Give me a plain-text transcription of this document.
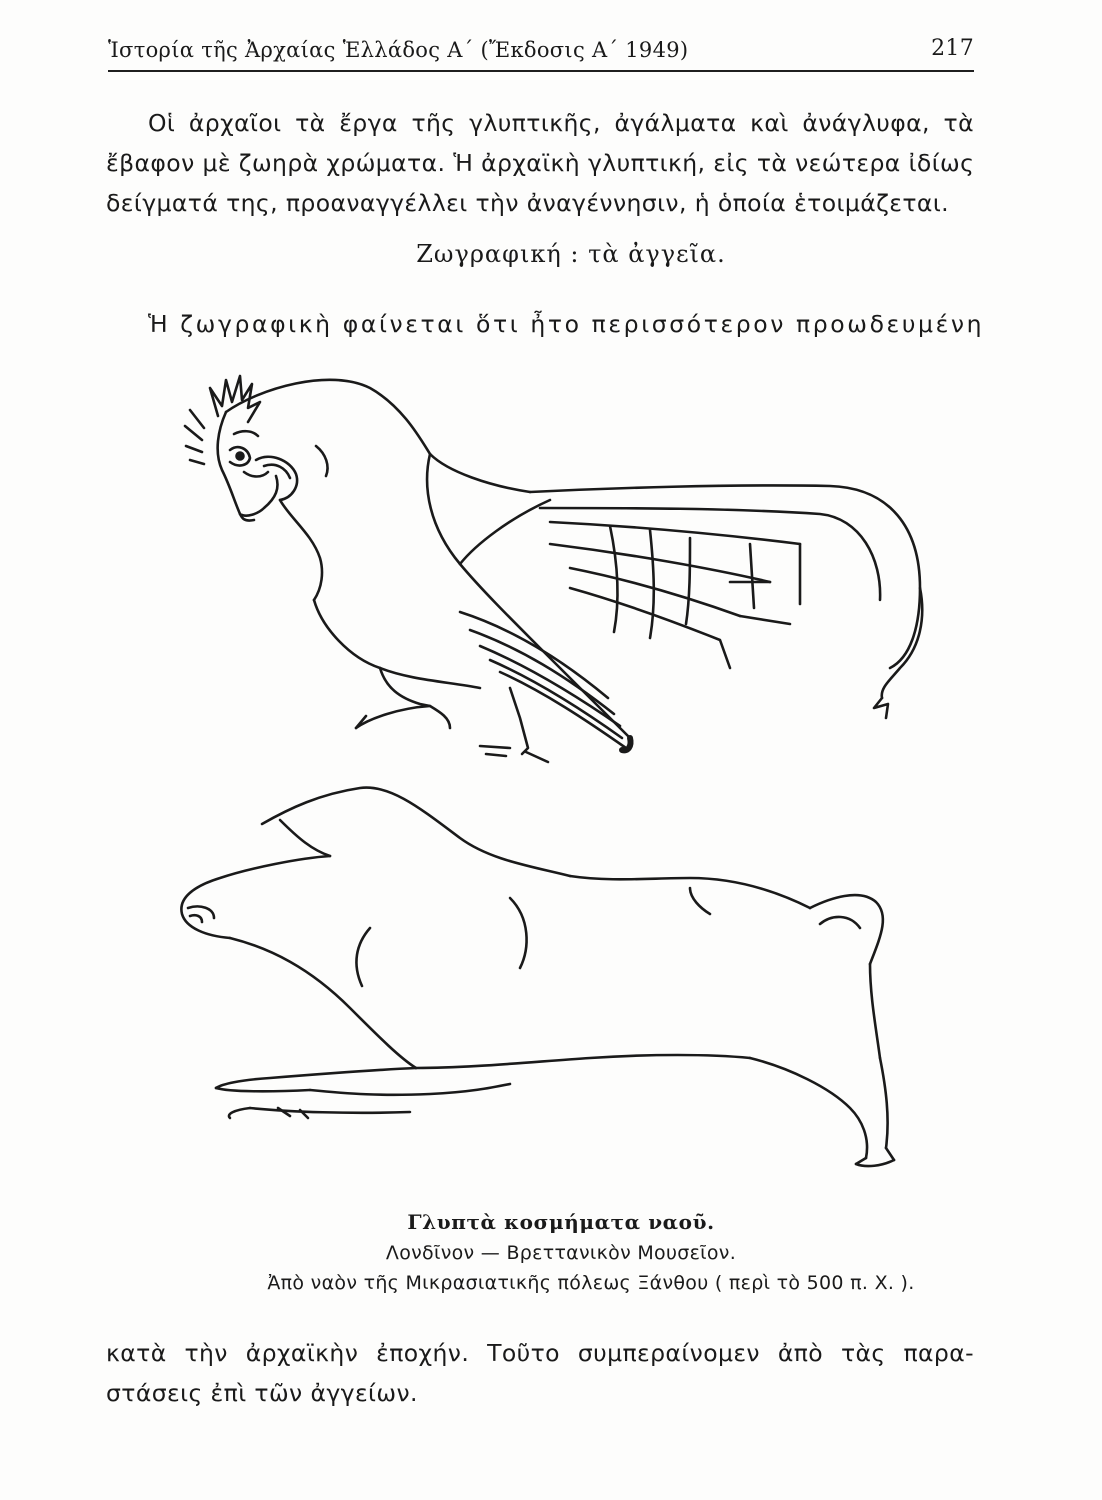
Ἱστορία τῆς Ἀρχαίας Ἑλλάδος Α΄ (Ἔκδοσις Α΄ 1949)	217
Οἱ ἀρχαῖοι τὰ ἔργα τῆς γλυπτικῆς, ἀγάλματα καὶ ἀνάγλυφα, τὰ
ἔβαφον μὲ ζωηρὰ χρώματα. Ἡ ἀρχαϊκὴ γλυπτική, εἰς τὰ νεώτερα ἰδίως
δείγματά της, προαναγγέλλει τὴν ἀναγέννησιν, ἡ ὁποία ἑτοιμάζεται.
Ζωγραφική : τὰ ἀγγεῖα.
Ἡ ζωγραφικὴ φαίνεται ὅτι ἦτο περισσότερον προωδευμένη
Γλυπτὰ κοσμήματα ναοῦ.
Λονδῖνον — Βρεττανικὸν Μουσεῖον.
Ἀπὸ ναὸν τῆς Μικρασιατικῆς πόλεως Ξάνθου ( περὶ τὸ 500 π. Χ. ).
κατὰ τὴν ἀρχαϊκὴν ἐποχήν. Τοῦτο συμπεραίνομεν ἀπὸ τὰς παρα-
στάσεις ἐπὶ τῶν ἀγγείων.
